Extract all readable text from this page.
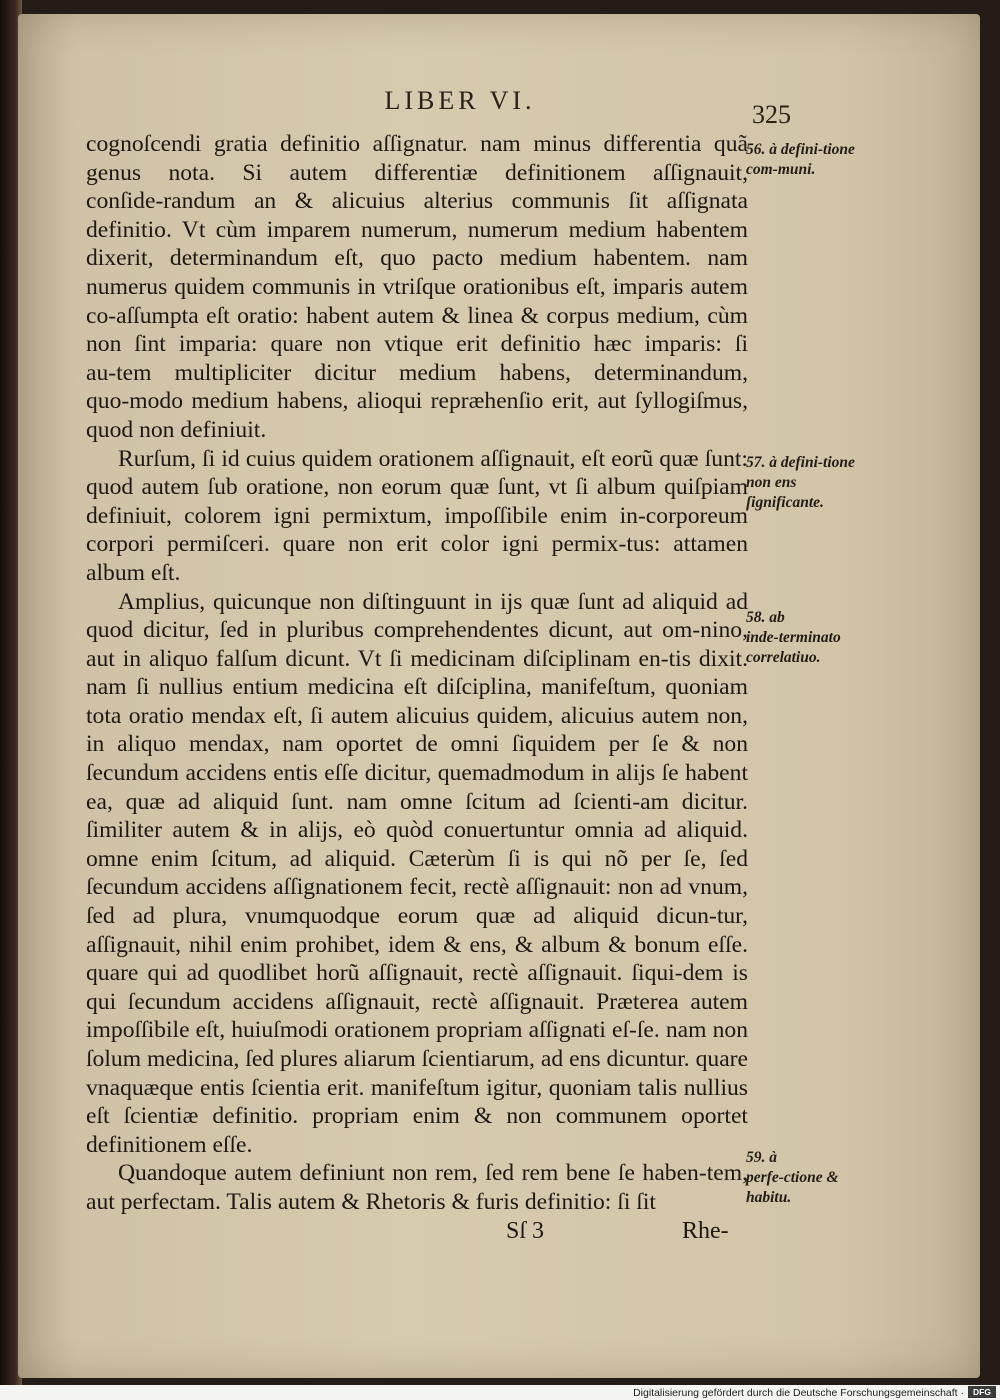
LIBER VI.	325

cognoſcendi gratia definitio aſſignatur. nam minus differentia quã genus nota. Si autem differentiæ definitionem aſſignauit, conſide‑randum an & alicuius alterius communis ſit aſſignata definitio. Vt cùm imparem numerum, numerum medium habentem dixerit, determinandum eſt, quo pacto medium habentem. nam numerus quidem communis in vtriſque orationibus eſt, imparis autem co‑aſſumpta eſt oratio: habent autem & linea & corpus medium, cùm non ſint imparia: quare non vtique erit definitio hæc imparis: ſi au‑tem multipliciter dicitur medium habens, determinandum, quo‑modo medium habens, alioqui repræhenſio erit, aut ſyllogiſmus, quod non definiuit.

Rurſum, ſi id cuius quidem orationem aſſignauit, eſt eorũ quæ ſunt: quod autem ſub oratione, non eorum quæ ſunt, vt ſi album quiſpiam definiuit, colorem igni permixtum, impoſſibile enim in‑corporeum corpori permiſceri. quare non erit color igni permix‑tus: attamen album eſt.

Amplius, quicunque non diſtinguunt in ijs quæ ſunt ad aliquid ad quod dicitur, ſed in pluribus comprehendentes dicunt, aut om‑nino, aut in aliquo falſum dicunt. Vt ſi medicinam diſciplinam en‑tis dixit. nam ſi nullius entium medicina eſt diſciplina, manifeſtum, quoniam tota oratio mendax eſt, ſi autem alicuius quidem, alicuius autem non, in aliquo mendax, nam oportet de omni ſiquidem per ſe & non ſecundum accidens entis eſſe dicitur, quemadmodum in alijs ſe habent ea, quæ ad aliquid ſunt. nam omne ſcitum ad ſcienti‑am dicitur. ſimiliter autem & in alijs, eò quòd conuertuntur omnia ad aliquid. omne enim ſcitum, ad aliquid. Cæterùm ſi is qui nõ per ſe, ſed ſecundum accidens aſſignationem fecit, rectè aſſignauit: non ad vnum, ſed ad plura, vnumquodque eorum quæ ad aliquid dicun‑tur, aſſignauit, nihil enim prohibet, idem & ens, & album & bonum eſſe. quare qui ad quodlibet horũ aſſignauit, rectè aſſignauit. ſiqui‑dem is qui ſecundum accidens aſſignauit, rectè aſſignauit. Præterea autem impoſſibile eſt, huiuſmodi orationem propriam aſſignati eſ‑ſe. nam non ſolum medicina, ſed plures aliarum ſcientiarum, ad ens dicuntur. quare vnaquæque entis ſcientia erit. manifeſtum igitur, quoniam talis nullius eſt ſcientiæ definitio. propriam enim & non communem oportet definitionem eſſe.

Quandoque autem definiunt non rem, ſed rem bene ſe haben‑tem, aut perfectam. Talis autem & Rhetoris & furis definitio: ſi ſit

56. à defini‑tione com‑muni.
57. à defini‑tione non ens ſignificante.
58. ab inde‑terminato correlatiuo.
59. à perfe‑ctione & habitu.
Sſ 3	Rhe-
Digitalisierung gefördert durch die Deutsche Forschungsgemeinschaft ·	DFG
